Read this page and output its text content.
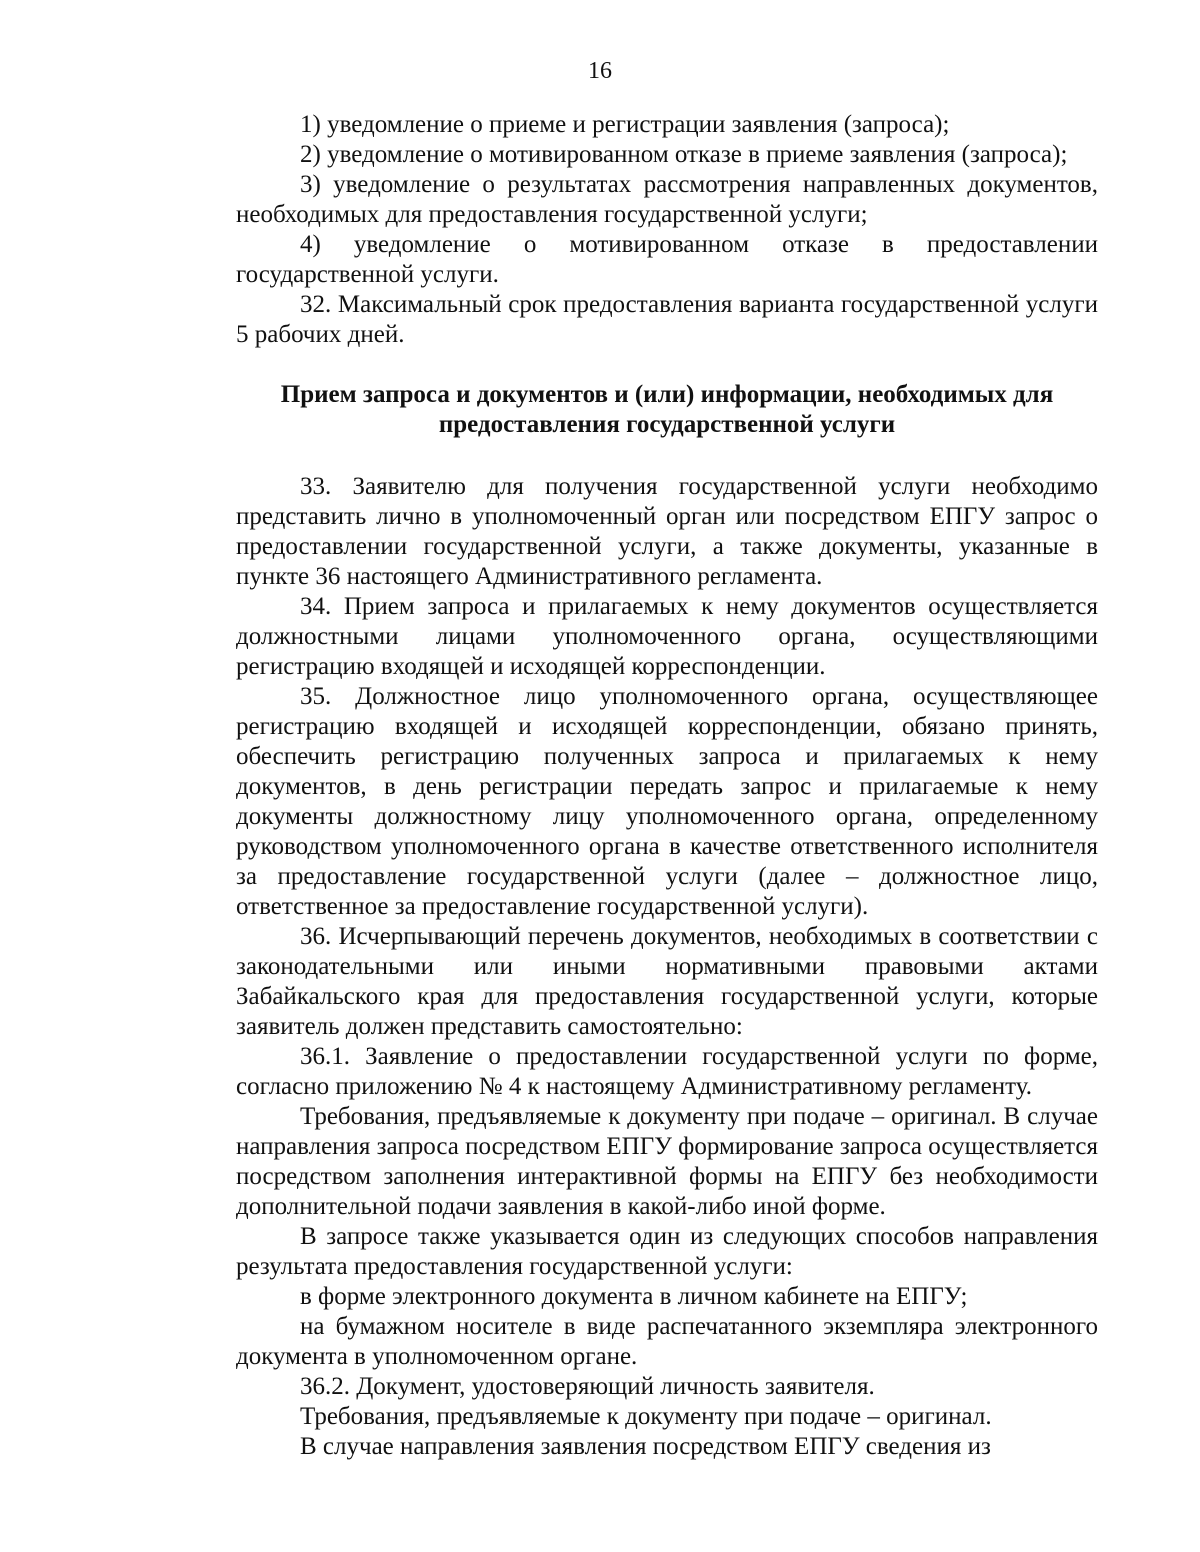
16

1) уведомление о приеме и регистрации заявления (запроса);

2) уведомление о мотивированном отказе в приеме заявления (запроса);

3) уведомление о результатах рассмотрения направленных документов, необходимых для предоставления государственной услуги;

4) уведомление о мотивированном отказе в предоставлении государственной услуги.

32. Максимальный срок предоставления варианта государственной услуги 5 рабочих дней.

Прием запроса и документов и (или) информации, необходимых для предоставления государственной услуги

33. Заявителю для получения государственной услуги необходимо представить лично в уполномоченный орган или посредством ЕПГУ запрос о предоставлении государственной услуги, а также документы, указанные в пункте 36 настоящего Административного регламента.

34. Прием запроса и прилагаемых к нему документов осуществляется должностными лицами уполномоченного органа, осуществляющими регистрацию входящей и исходящей корреспонденции.

35. Должностное лицо уполномоченного органа, осуществляющее регистрацию входящей и исходящей корреспонденции, обязано принять, обеспечить регистрацию полученных запроса и прилагаемых к нему документов, в день регистрации передать запрос и прилагаемые к нему документы должностному лицу уполномоченного органа, определенному руководством уполномоченного органа в качестве ответственного исполнителя за предоставление государственной услуги (далее – должностное лицо, ответственное за предоставление государственной услуги).

36. Исчерпывающий перечень документов, необходимых в соответствии с законодательными или иными нормативными правовыми актами Забайкальского края для предоставления государственной услуги, которые заявитель должен представить самостоятельно:

36.1. Заявление о предоставлении государственной услуги по форме, согласно приложению № 4 к настоящему Административному регламенту.

Требования, предъявляемые к документу при подаче – оригинал. В случае направления запроса посредством ЕПГУ формирование запроса осуществляется посредством заполнения интерактивной формы на ЕПГУ без необходимости дополнительной подачи заявления в какой-либо иной форме.

В запросе также указывается один из следующих способов направления результата предоставления государственной услуги:

в форме электронного документа в личном кабинете на ЕПГУ;

на бумажном носителе в виде распечатанного экземпляра электронного документа в уполномоченном органе.

36.2. Документ, удостоверяющий личность заявителя.

Требования, предъявляемые к документу при подаче – оригинал.

В случае направления заявления посредством ЕПГУ сведения из
